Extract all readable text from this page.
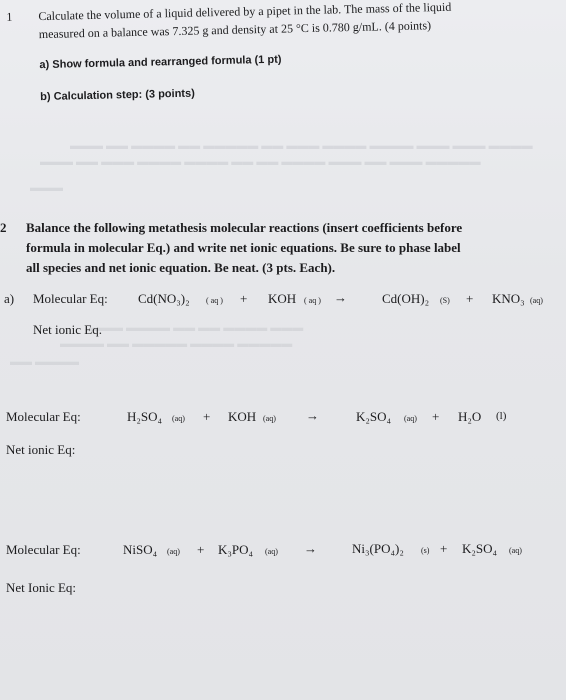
▬▬▬ ▬▬ ▬▬▬▬ ▬▬ ▬▬▬▬▬ ▬▬ ▬▬▬ ▬▬▬▬ ▬▬▬▬ ▬▬▬ ▬▬▬ ▬▬▬▬
▬▬▬ ▬▬ ▬▬▬ ▬▬▬▬ ▬▬▬▬ ▬▬ ▬▬ ▬▬▬▬ ▬▬▬ ▬▬ ▬▬▬ ▬▬▬▬▬
▬▬▬
▬▬▬ ▬▬▬▬ ▬▬ ▬▬ ▬▬▬▬ ▬▬▬
▬▬▬▬ ▬▬ ▬▬▬▬▬ ▬▬▬▬ ▬▬▬▬▬
▬▬ ▬▬▬▬
1 Calculate the volume of a liquid delivered by a pipet in the lab. The mass of the liquid
measured on a balance was 7.325 g and density at 25 °C is 0.780 g/mL. (4 points)
a) Show formula and rearranged formula (1 pt)
b) Calculation step: (3 points)
2 Balance the following metathesis molecular reactions (insert coefficients before
formula in molecular Eq.) and write net ionic equations. Be sure to phase label
all species and net ionic equation. Be neat. (3 pts. Each).
a) Molecular Eq: Cd(NO₃)₂ ( aq ) + KOH ( aq ) →	Cd(OH)₂ (S) + KNO₃ (aq)
Net ionic Eq.
Molecular Eq:	H₂SO₄ (aq) + KOH (aq) →	K₂SO₄ (aq) + H₂O (l)
Net ionic Eq:
Molecular Eq:	NiSO₄ (aq) + K₃PO₄ (aq) →	Ni₃(PO₄)₂ (s) + K₂SO₄ (aq)
Net Ionic Eq:
